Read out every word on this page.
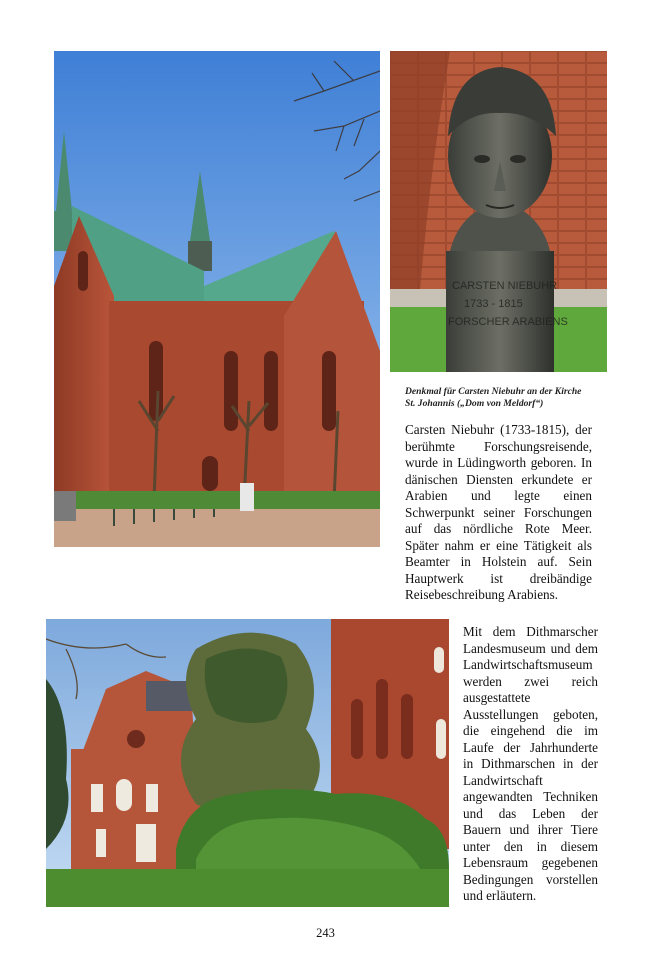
CARSTEN NIEBUHR
1733 - 1815
FORSCHER ARABIENS
Denkmal für Carsten Niebuhr an der Kirche St. Johannis („Dom von Meldorf“)

Carsten Niebuhr (1733-1815), der berühmte Forschungsreisende, wurde in Lüdingworth geboren. In dänischen Diensten erkundete er Arabien und legte einen Schwerpunkt seiner Forschungen auf das nördliche Rote Meer. Später nahm er eine Tätigkeit als Beamter in Holstein auf. Sein Hauptwerk ist dreibändige Reisebeschreibung Arabiens.

Mit dem Dithmarscher Landesmuseum und dem Landwirtschaftsmuseum werden zwei reich ausgestattete Ausstellungen geboten, die eingehend die im Laufe der Jahrhunderte in Dithmarschen in der Landwirtschaft angewandten Techniken und das Leben der Bauern und ihrer Tiere unter den in diesem Lebensraum gegebenen Bedingungen vorstellen und erläutern.

243
